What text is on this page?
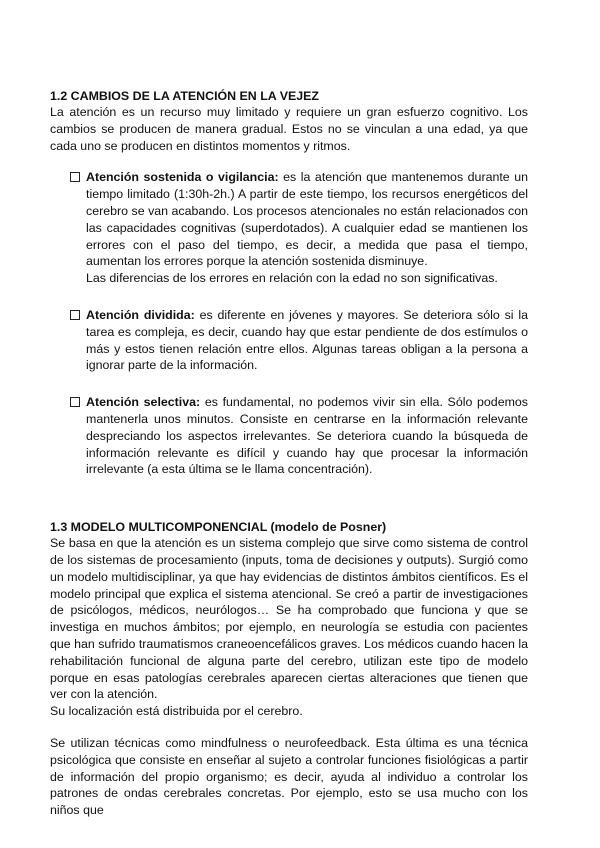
1.2 CAMBIOS DE LA ATENCIÓN EN LA VEJEZ

La atención es un recurso muy limitado y requiere un gran esfuerzo cognitivo. Los cambios se producen de manera gradual. Estos no se vinculan a una edad, ya que cada uno se producen en distintos momentos y ritmos.

Atención sostenida o vigilancia: es la atención que mantenemos durante un tiempo limitado (1:30h-2h.) A partir de este tiempo, los recursos energéticos del cerebro se van acabando. Los procesos atencionales no están relacionados con las capacidades cognitivas (superdotados). A cualquier edad se mantienen los errores con el paso del tiempo, es decir, a medida que pasa el tiempo, aumentan los errores porque la atención sostenida disminuye.

Las diferencias de los errores en relación con la edad no son significativas.

Atención dividida: es diferente en jóvenes y mayores. Se deteriora sólo si la tarea es compleja, es decir, cuando hay que estar pendiente de dos estímulos o más y estos tienen relación entre ellos. Algunas tareas obligan a la persona a ignorar parte de la información.

Atención selectiva: es fundamental, no podemos vivir sin ella. Sólo podemos mantenerla unos minutos. Consiste en centrarse en la información relevante despreciando los aspectos irrelevantes. Se deteriora cuando la búsqueda de información relevante es difícil y cuando hay que procesar la información irrelevante (a esta última se le llama concentración).

1.3 MODELO MULTICOMPONENCIAL (modelo de Posner)

Se basa en que la atención es un sistema complejo que sirve como sistema de control de los sistemas de procesamiento (inputs, toma de decisiones y outputs). Surgió como un modelo multidisciplinar, ya que hay evidencias de distintos ámbitos científicos. Es el modelo principal que explica el sistema atencional. Se creó a partir de investigaciones de psicólogos, médicos, neurólogos… Se ha comprobado que funciona y que se investiga en muchos ámbitos; por ejemplo, en neurología se estudia con pacientes que han sufrido traumatismos craneoencefálicos graves. Los médicos cuando hacen la rehabilitación funcional de alguna parte del cerebro, utilizan este tipo de modelo porque en esas patologías cerebrales aparecen ciertas alteraciones que tienen que ver con la atención.

Su localización está distribuida por el cerebro.

Se utilizan técnicas como mindfulness o neurofeedback. Esta última es una técnica psicológica que consiste en enseñar al sujeto a controlar funciones fisiológicas a partir de información del propio organismo; es decir, ayuda al individuo a controlar los patrones de ondas cerebrales concretas. Por ejemplo, esto se usa mucho con los niños que
